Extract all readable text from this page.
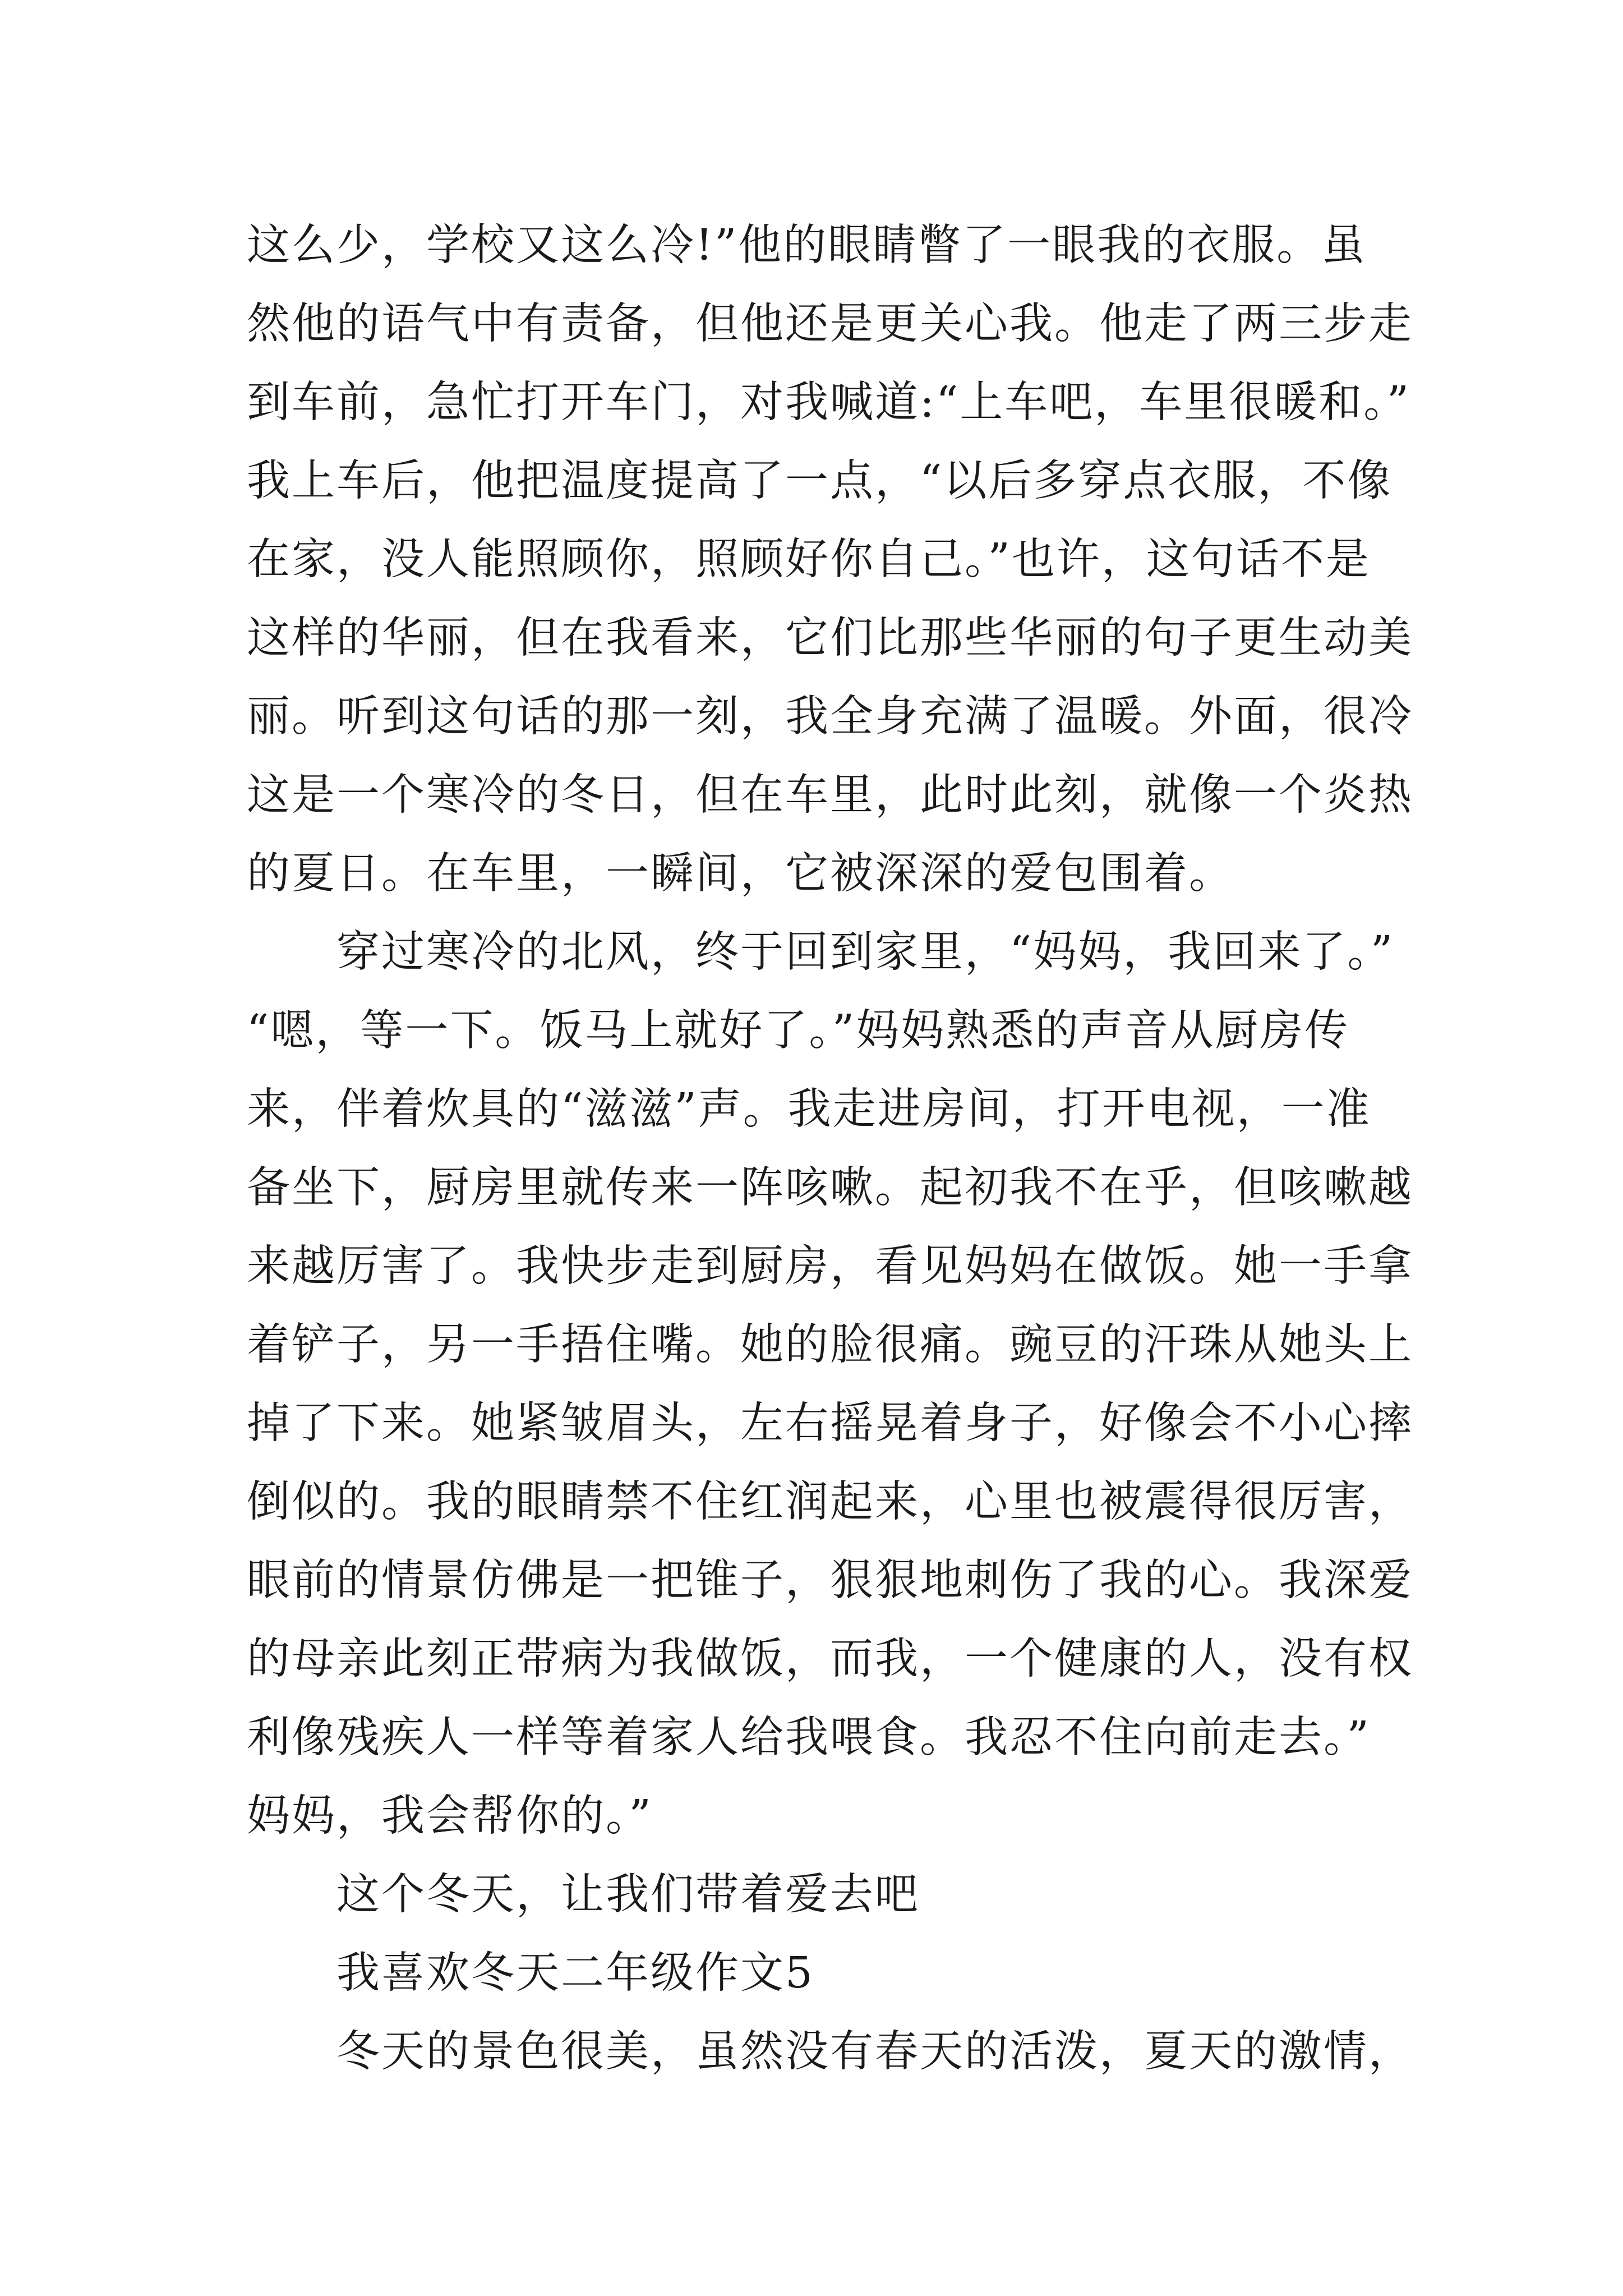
这么少，学校又这么冷!”他的眼睛瞥了一眼我的衣服。虽
然他的语气中有责备，但他还是更关心我。他走了两三步走
到车前，急忙打开车门，对我喊道:“上车吧，车里很暖和。”
我上车后，他把温度提高了一点，“以后多穿点衣服，不像
在家，没人能照顾你，照顾好你自己。”也许，这句话不是
这样的华丽，但在我看来，它们比那些华丽的句子更生动美
丽。听到这句话的那一刻，我全身充满了温暖。外面，很冷
这是一个寒冷的冬日，但在车里，此时此刻，就像一个炎热
的夏日。在车里，一瞬间，它被深深的爱包围着。
穿过寒冷的北风，终于回到家里，“妈妈，我回来了。”
“嗯，等一下。饭马上就好了。”妈妈熟悉的声音从厨房传
来，伴着炊具的“滋滋”声。我走进房间，打开电视，一准
备坐下，厨房里就传来一阵咳嗽。起初我不在乎，但咳嗽越
来越厉害了。我快步走到厨房，看见妈妈在做饭。她一手拿
着铲子，另一手捂住嘴。她的脸很痛。豌豆的汗珠从她头上
掉了下来。她紧皱眉头，左右摇晃着身子，好像会不小心摔
倒似的。我的眼睛禁不住红润起来，心里也被震得很厉害，
眼前的情景仿佛是一把锥子，狠狠地刺伤了我的心。我深爱
的母亲此刻正带病为我做饭，而我，一个健康的人，没有权
利像残疾人一样等着家人给我喂食。我忍不住向前走去。”
妈妈，我会帮你的。”
这个冬天，让我们带着爱去吧
我喜欢冬天二年级作文5
冬天的景色很美，虽然没有春天的活泼，夏天的激情，
